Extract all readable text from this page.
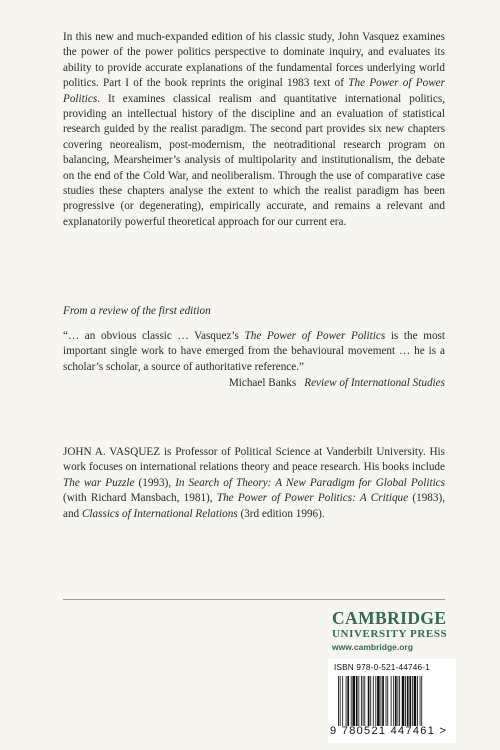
In this new and much-expanded edition of his classic study, John Vasquez examines the power of the power politics perspective to dominate inquiry, and evaluates its ability to provide accurate explanations of the fundamental forces underlying world politics. Part I of the book reprints the original 1983 text of The Power of Power Politics. It examines classical realism and quantitative international politics, providing an intellectual history of the discipline and an evaluation of statistical research guided by the realist paradigm. The second part provides six new chapters covering neorealism, post-modernism, the neotraditional research program on balancing, Mearsheimer’s analysis of multipolarity and institutionalism, the debate on the end of the Cold War, and neoliberalism. Through the use of comparative case studies these chapters analyse the extent to which the realist paradigm has been progressive (or degenerating), empirically accurate, and remains a relevant and explanatorily powerful theoretical approach for our current era.

From a review of the first edition

“… an obvious classic … Vasquez’s The Power of Power Politics is the most important single work to have emerged from the behavioural movement … he is a scholar’s scholar, a source of authoritative reference.”

Michael Banks Review of International Studies

JOHN A. VASQUEZ is Professor of Political Science at Vanderbilt University. His work focuses on international relations theory and peace research. His books include The war Puzzle (1993), In Search of Theory: A New Paradigm for Global Politics (with Richard Mansbach, 1981), The Power of Power Politics: A Critique (1983), and Classics of International Relations (3rd edition 1996).

CAMBRIDGE
UNIVERSITY PRESS
www.cambridge.org
ISBN 978-0-521-44746-1
9 780521 447461 >
